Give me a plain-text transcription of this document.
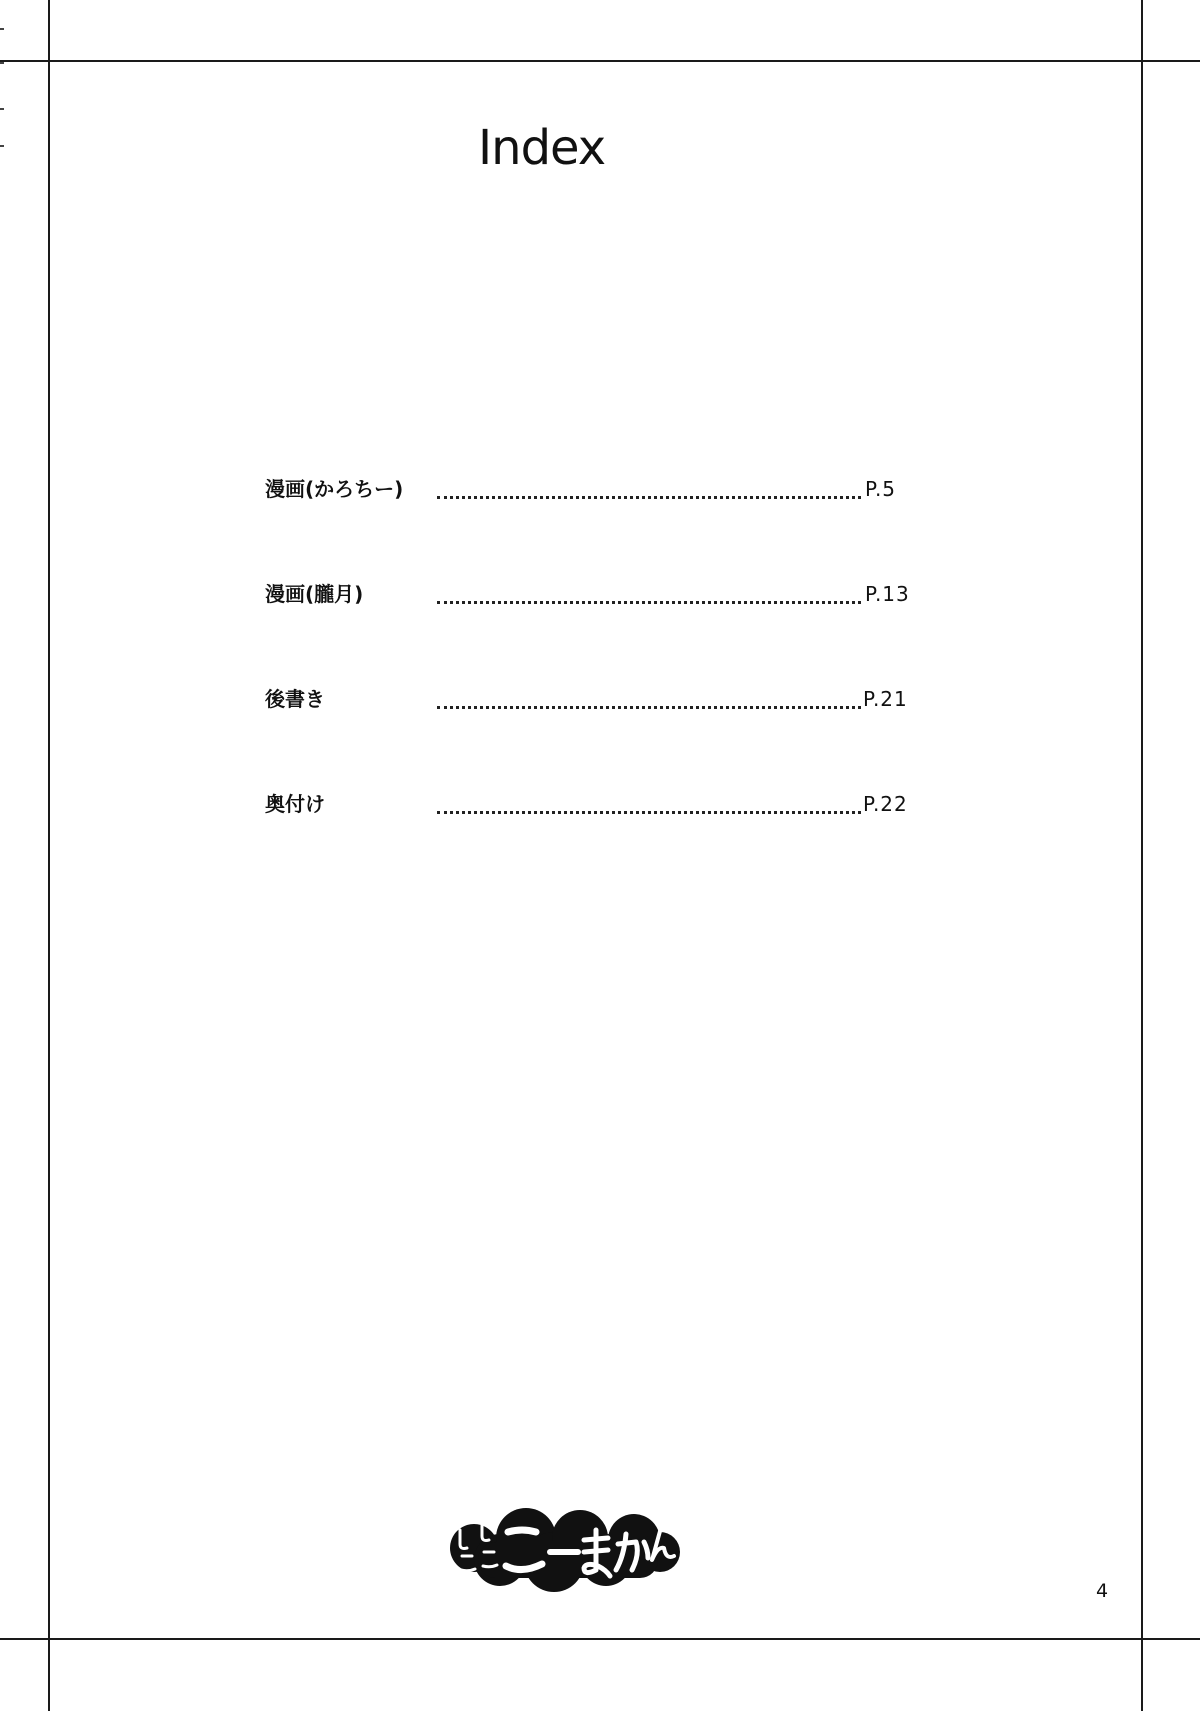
Index
漫画(かろちー)	P.5
漫画(朧月)	P.13
後書き	P.21
奥付け	P.22
4
